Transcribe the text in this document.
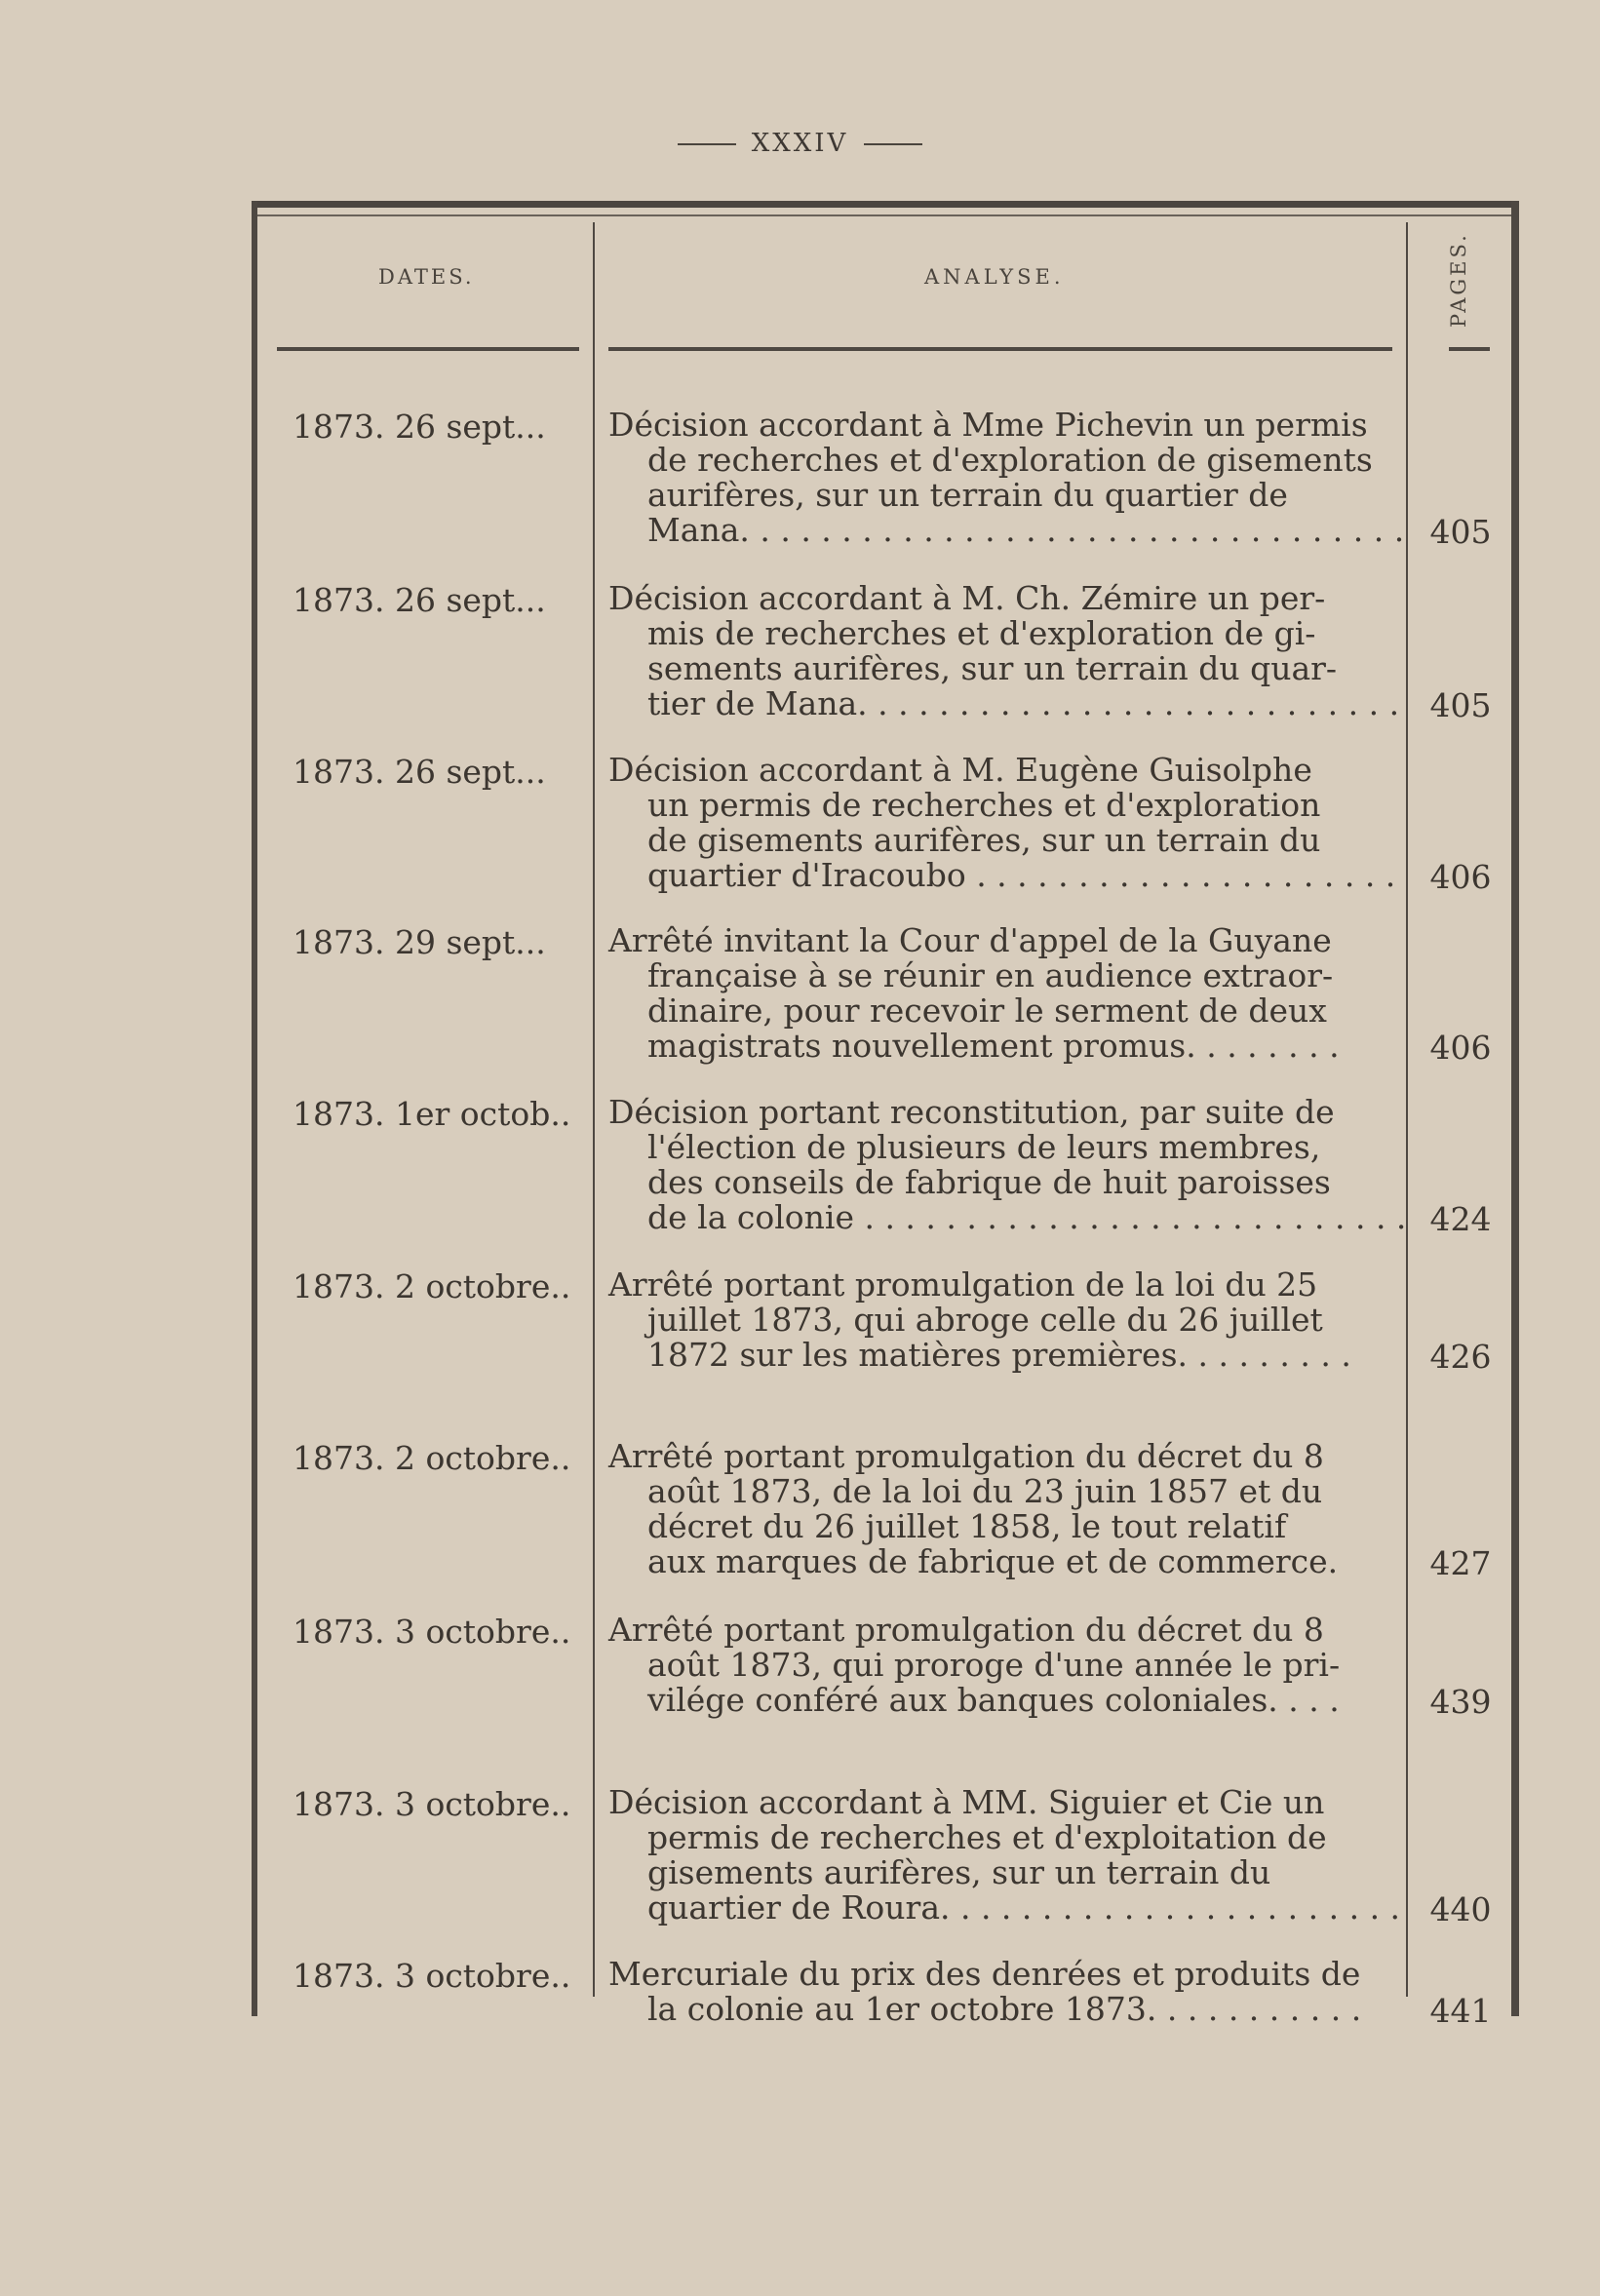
XXXIV
DATES.	ANALYSE.	PAGES.
1873. 26 sept... Décision accordant à Mme Pichevin un permis
de recherches et d'exploration de gisements
aurifères, sur un terrain du quartier de
Mana. . . . . . . . . . . . . . . . . . . . . . . . . . . . . . . . . 405
1873. 26 sept... Décision accordant à M. Ch. Zémire un per-
mis de recherches et d'exploration de gi-
sements aurifères, sur un terrain du quar-
tier de Mana. . . . . . . . . . . . . . . . . . . . . . . . . . . 405
1873. 26 sept... Décision accordant à M. Eugène Guisolphe
un permis de recherches et d'exploration
de gisements aurifères, sur un terrain du
quartier d'Iracoubo . . . . . . . . . . . . . . . . . . . . . 406
1873. 29 sept... Arrêté invitant la Cour d'appel de la Guyane
française à se réunir en audience extraor-
dinaire, pour recevoir le serment de deux
magistrats nouvellement promus. . . . . . . .	406
1873. 1er octob.. Décision portant reconstitution, par suite de
l'élection de plusieurs de leurs membres,
des conseils de fabrique de huit paroisses
de la colonie . . . . . . . . . . . . . . . . . . . . . . . . . . . 424
1873. 2 octobre.. Arrêté portant promulgation de la loi du 25
juillet 1873, qui abroge celle du 26 juillet
1872 sur les matières premières. . . . . . . . .	426
1873. 2 octobre.. Arrêté portant promulgation du décret du 8
août 1873, de la loi du 23 juin 1857 et du
décret du 26 juillet 1858, le tout relatif
aux marques de fabrique et de commerce.	427
1873. 3 octobre.. Arrêté portant promulgation du décret du 8
août 1873, qui proroge d'une année le pri-
vilége conféré aux banques coloniales. . . .	439
1873. 3 octobre.. Décision accordant à MM. Siguier et Cie un
permis de recherches et d'exploitation de
gisements aurifères, sur un terrain du
quartier de Roura. . . . . . . . . . . . . . . . . . . . . . . 440
1873. 3 octobre.. Mercuriale du prix des denrées et produits de
la colonie au 1er octobre 1873. . . . . . . . . . .	441
